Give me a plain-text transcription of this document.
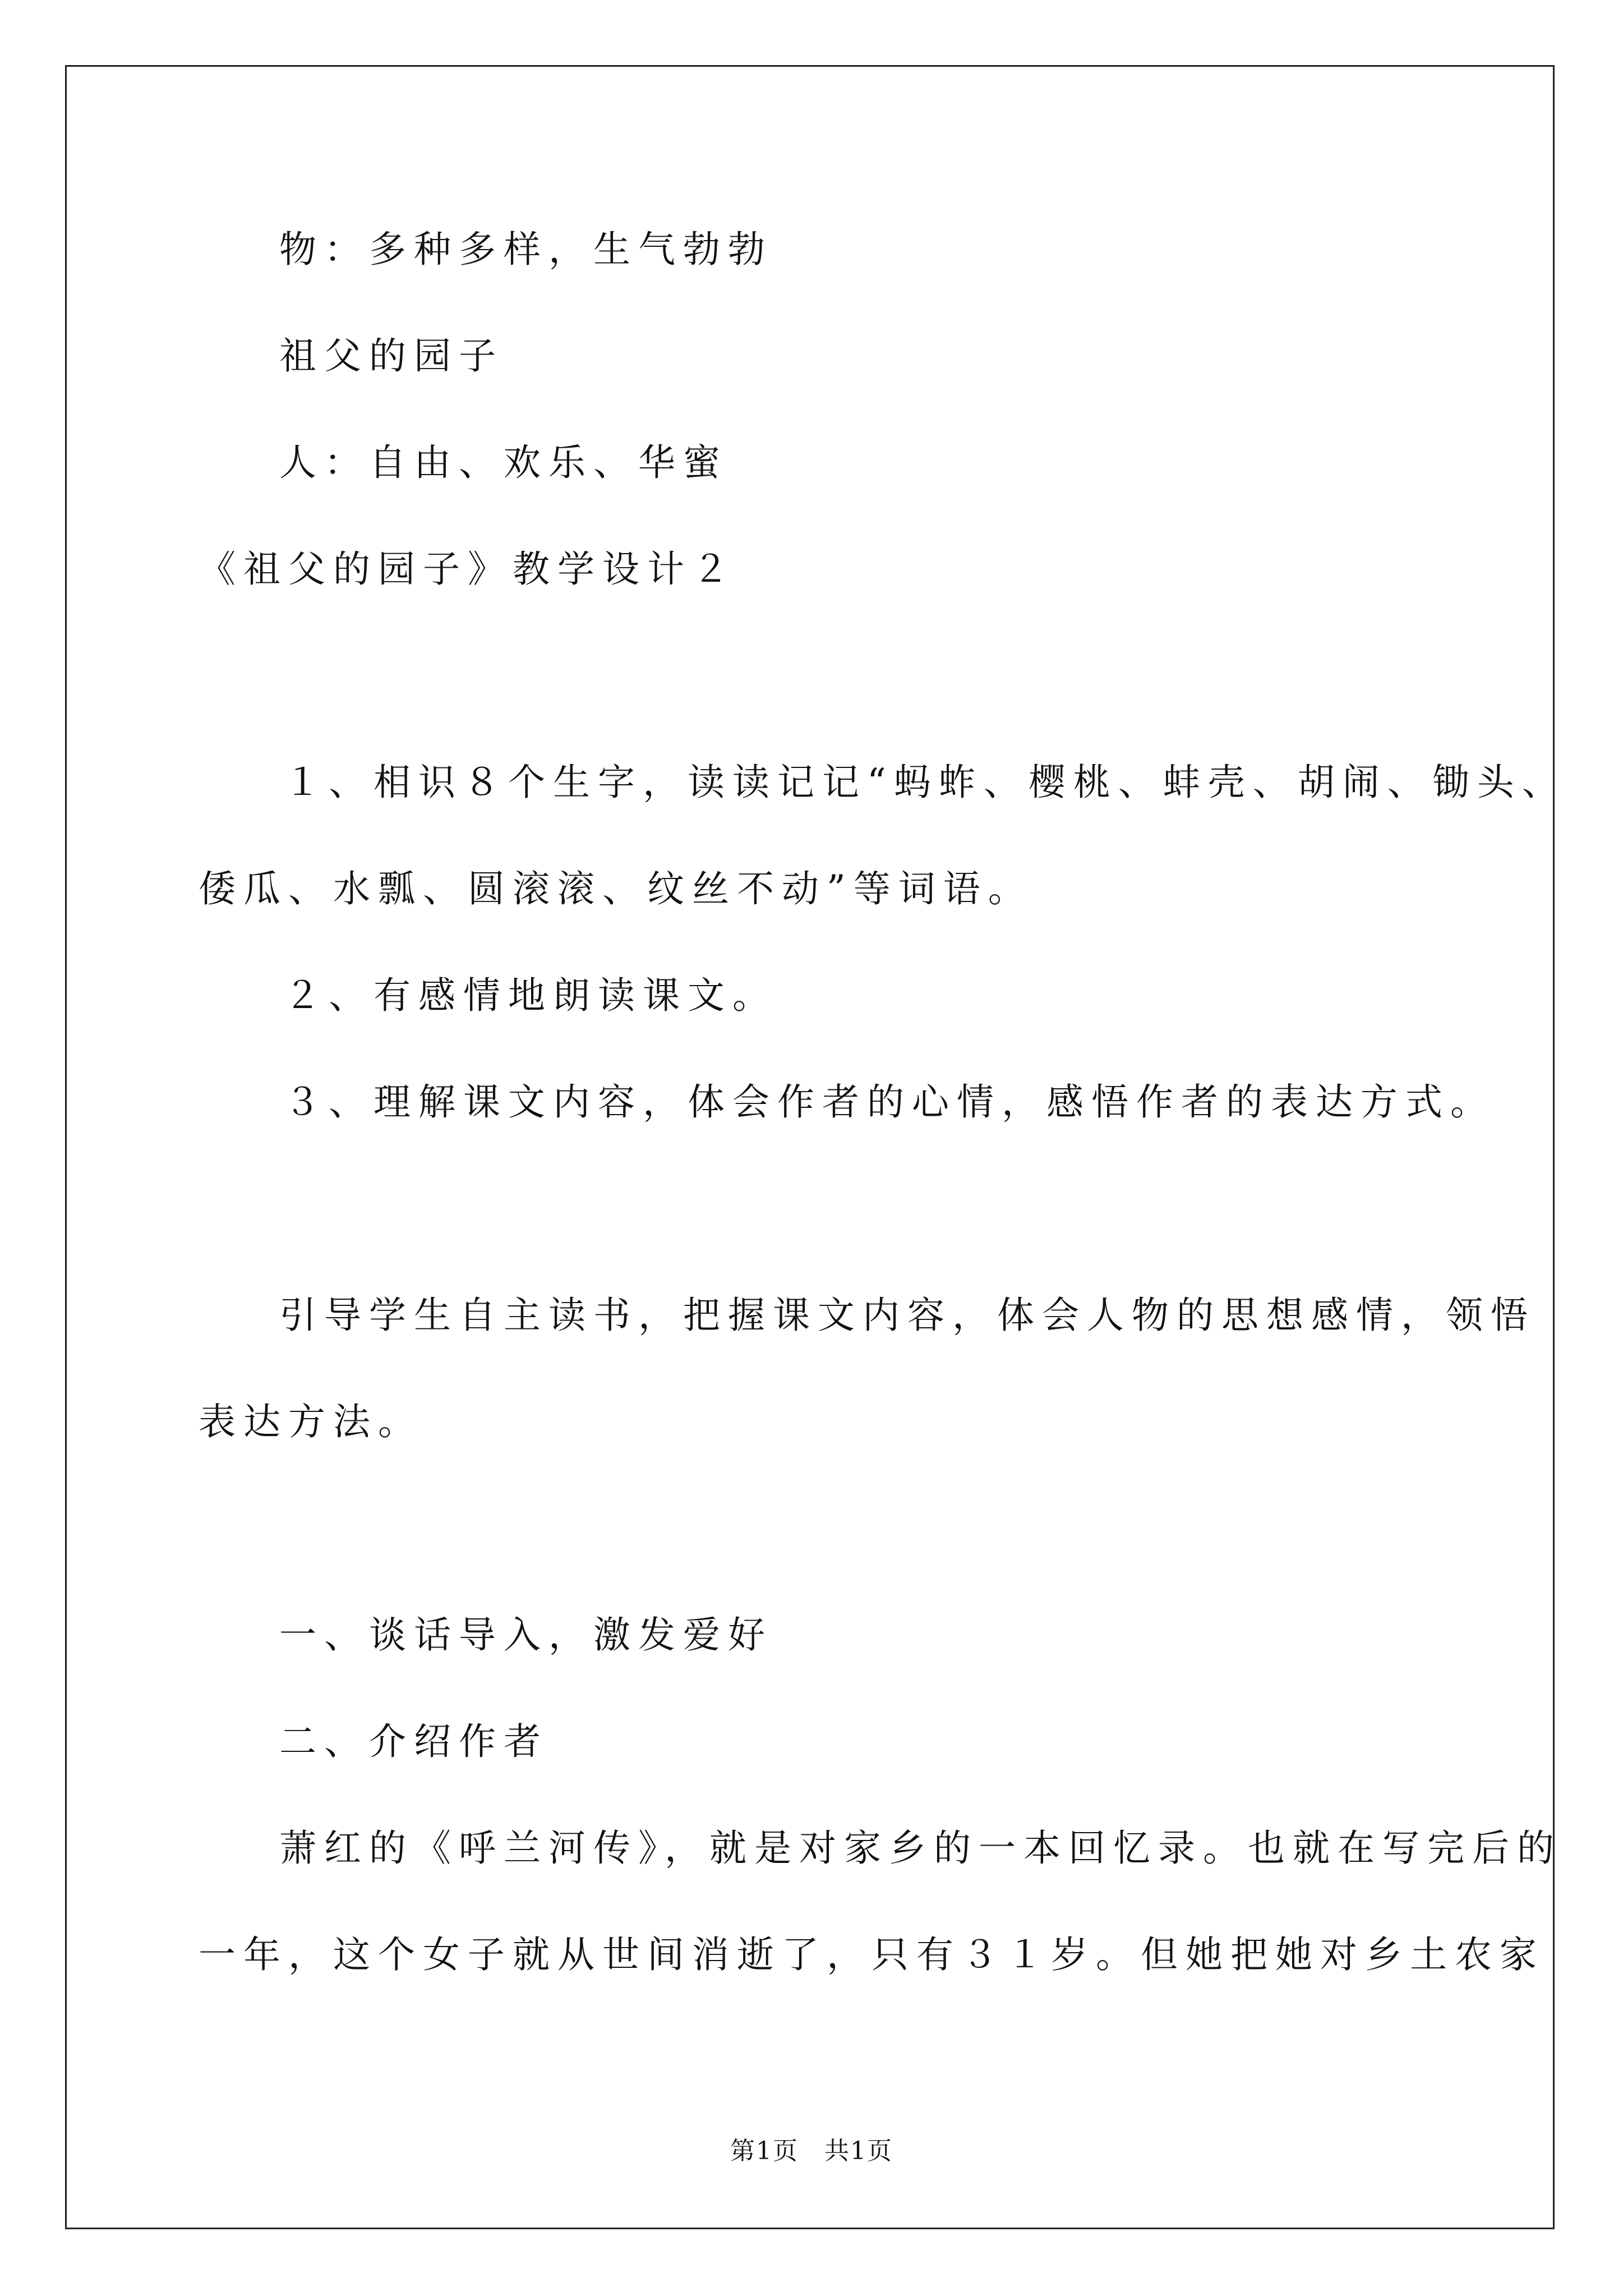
物：多种多样，生气勃勃

祖父的园子

人：自由、欢乐、华蜜

《祖父的园子》教学设计２

１、相识８个生字，读读记记“蚂蚱、樱桃、蚌壳、胡闹、锄头、

倭瓜、水瓢、圆滚滚、纹丝不动”等词语。

２、有感情地朗读课文。

３、理解课文内容，体会作者的心情，感悟作者的表达方式。

引导学生自主读书，把握课文内容，体会人物的思想感情，领悟

表达方法。

一、谈话导入，激发爱好

二、介绍作者

萧红的《呼兰河传》，就是对家乡的一本回忆录。也就在写完后的

一年，这个女子就从世间消逝了，只有３１岁。但她把她对乡土农家

第1页　共1页
